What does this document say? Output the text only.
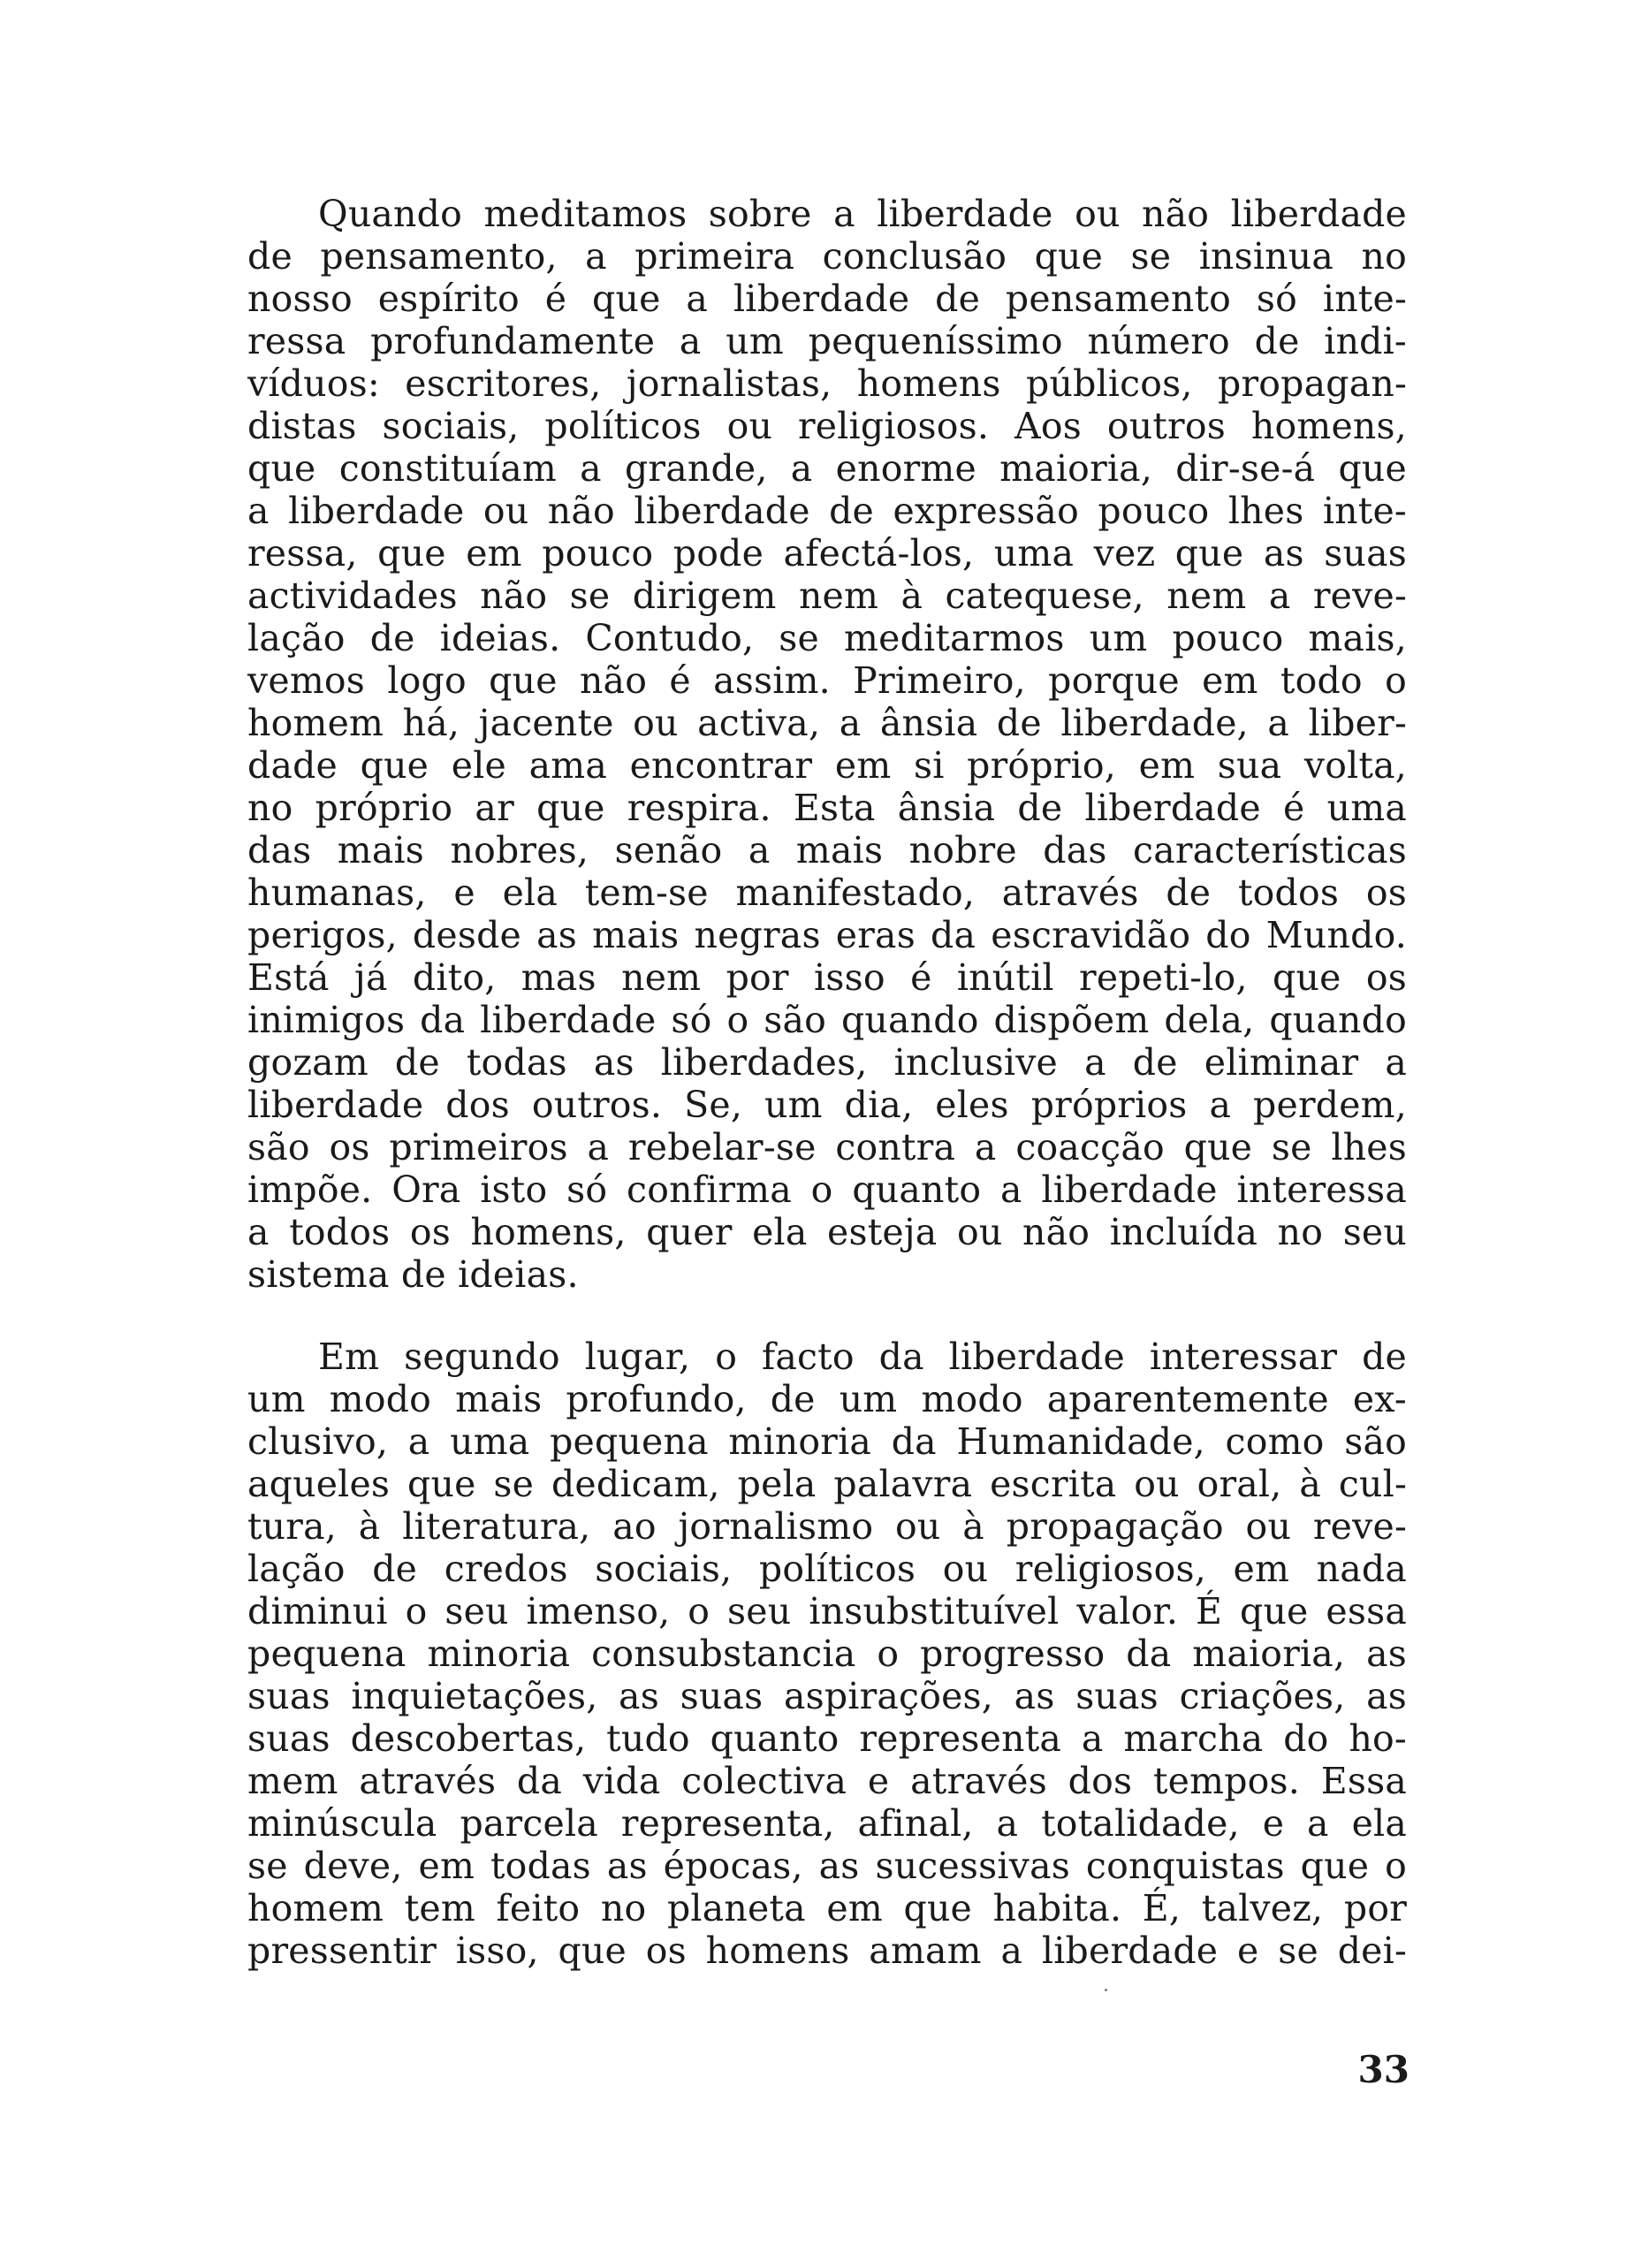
Quando meditamos sobre a liberdade ou não liberdade
de pensamento, a primeira conclusão que se insinua no
nosso espírito é que a liberdade de pensamento só inte-
ressa profundamente a um pequeníssimo número de indi-
víduos: escritores, jornalistas, homens públicos, propagan-
distas sociais, políticos ou religiosos. Aos outros homens,
que constituíam a grande, a enorme maioria, dir-se-á que
a liberdade ou não liberdade de expressão pouco lhes inte-
ressa, que em pouco pode afectá-los, uma vez que as suas
actividades não se dirigem nem à catequese, nem a reve-
lação de ideias. Contudo, se meditarmos um pouco mais,
vemos logo que não é assim. Primeiro, porque em todo o
homem há, jacente ou activa, a ânsia de liberdade, a liber-
dade que ele ama encontrar em si próprio, em sua volta,
no próprio ar que respira. Esta ânsia de liberdade é uma
das mais nobres, senão a mais nobre das características
humanas, e ela tem-se manifestado, através de todos os
perigos, desde as mais negras eras da escravidão do Mundo.
Está já dito, mas nem por isso é inútil repeti-lo, que os
inimigos da liberdade só o são quando dispõem dela, quando
gozam de todas as liberdades, inclusive a de eliminar a
liberdade dos outros. Se, um dia, eles próprios a perdem,
são os primeiros a rebelar-se contra a coacção que se lhes
impõe. Ora isto só confirma o quanto a liberdade interessa
a todos os homens, quer ela esteja ou não incluída no seu
sistema de ideias.
Em segundo lugar, o facto da liberdade interessar de
um modo mais profundo, de um modo aparentemente ex-
clusivo, a uma pequena minoria da Humanidade, como são
aqueles que se dedicam, pela palavra escrita ou oral, à cul-
tura, à literatura, ao jornalismo ou à propagação ou reve-
lação de credos sociais, políticos ou religiosos, em nada
diminui o seu imenso, o seu insubstituível valor. É que essa
pequena minoria consubstancia o progresso da maioria, as
suas inquietações, as suas aspirações, as suas criações, as
suas descobertas, tudo quanto representa a marcha do ho-
mem através da vida colectiva e através dos tempos. Essa
minúscula parcela representa, afinal, a totalidade, e a ela
se deve, em todas as épocas, as sucessivas conquistas que o
homem tem feito no planeta em que habita. É, talvez, por
pressentir isso, que os homens amam a liberdade e se dei-
33
